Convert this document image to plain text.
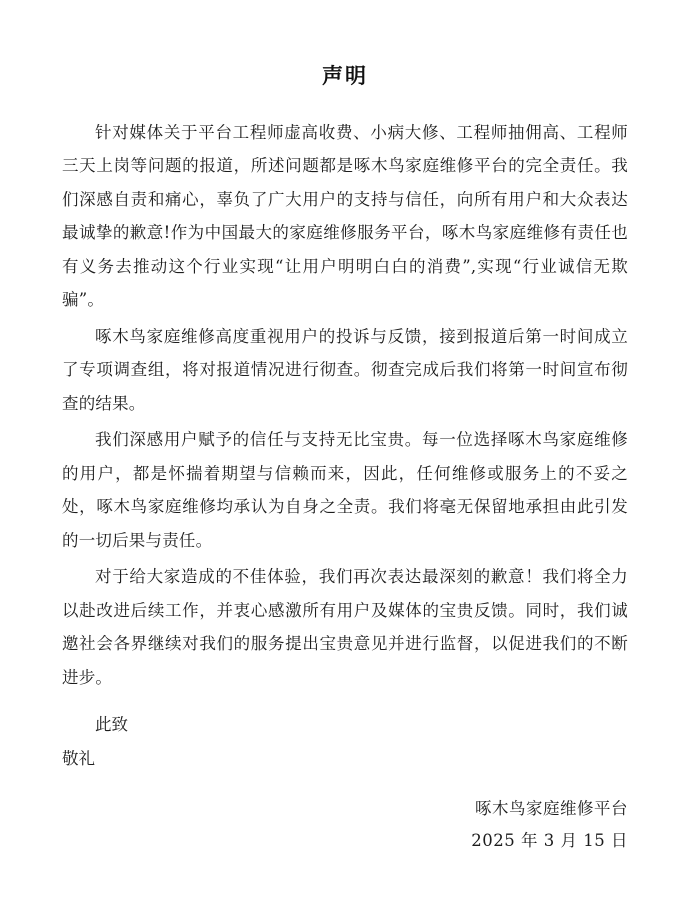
声明

针对媒体关于平台工程师虚高收费、小病大修、工程师抽佣高、工程师三天上岗等问题的报道，所述问题都是啄木鸟家庭维修平台的完全责任。我们深感自责和痛心，辜负了广大用户的支持与信任，向所有用户和大众表达最诚挚的歉意!作为中国最大的家庭维修服务平台，啄木鸟家庭维修有责任也有义务去推动这个行业实现“让用户明明白白的消费”,实现“行业诚信无欺骗”。

啄木鸟家庭维修高度重视用户的投诉与反馈，接到报道后第一时间成立了专项调查组，将对报道情况进行彻查。彻查完成后我们将第一时间宣布彻查的结果。

我们深感用户赋予的信任与支持无比宝贵。每一位选择啄木鸟家庭维修的用户，都是怀揣着期望与信赖而来，因此，任何维修或服务上的不妥之处，啄木鸟家庭维修均承认为自身之全责。我们将毫无保留地承担由此引发的一切后果与责任。

对于给大家造成的不佳体验，我们再次表达最深刻的歉意！我们将全力以赴改进后续工作，并衷心感激所有用户及媒体的宝贵反馈。同时，我们诚邀社会各界继续对我们的服务提出宝贵意见并进行监督，以促进我们的不断进步。

此致

敬礼

啄木鸟家庭维修平台
2025 年 3 月 15 日
